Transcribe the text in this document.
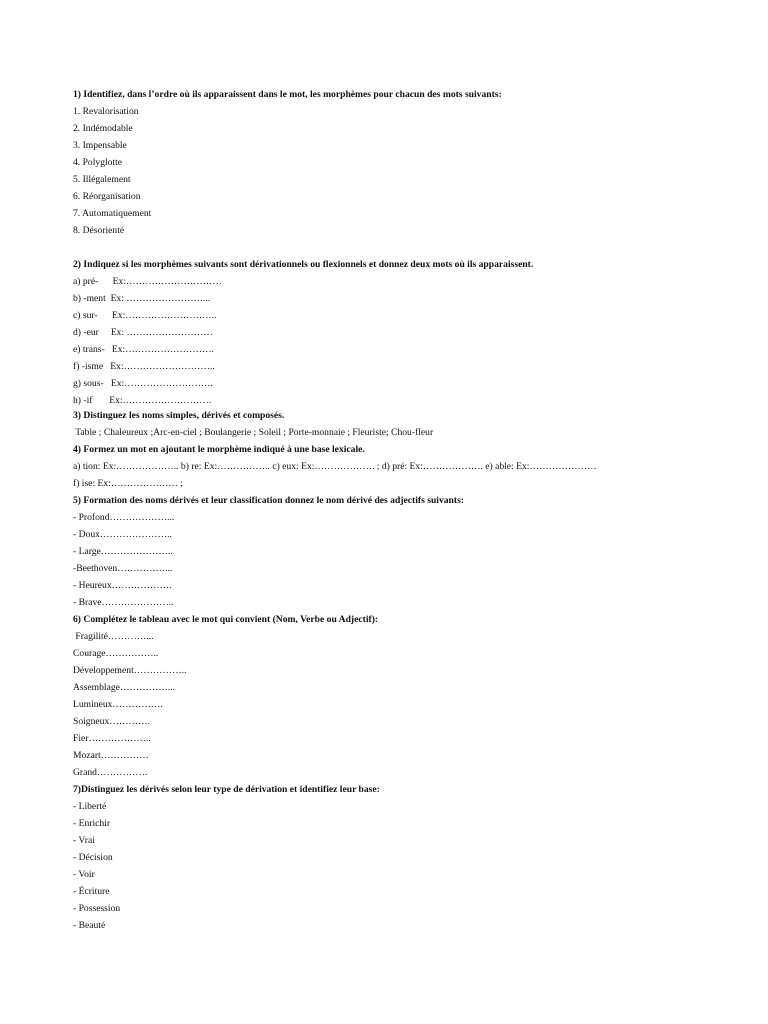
1) Identifiez, dans l’ordre où ils apparaissent dans le mot, les morphèmes pour chacun des mots suivants:
1. Revalorisation
2. Indémodable
3. Impensable
4. Polyglotte
5. Illégalement
6. Réorganisation
7. Automatiquement
8. Désorienté
2) Indiquez si les morphèmes suivants sont dérivationnels ou flexionnels et donnez deux mots où ils apparaissent.
a) pré-      Ex:…………………………
b) -ment  Ex: ……………………...
c) sur-      Ex:………………………..
d) -eur     Ex: ………………………
e) trans-   Ex:……………………….
f) -isme   Ex:………………………..
g) sous-   Ex:……………………….
h) -if       Ex:……………………….
3) Distinguez les noms simples, dérivés et composés.
Table ; Chaleureux ;Arc-en-ciel ; Boulangerie ; Soleil ; Porte-monnaie ; Fleuriste; Chou-fleur
4) Formez un mot en ajoutant le morphème indiqué à une base lexicale.
a) tion: Ex:……………….. b) re: Ex:…………….. c) eux: Ex:………………. ; d) pré: Ex:………………. e) able: Ex:…………………
f) ise: Ex:………………… ;
5) Formation des noms dérivés et leur classification donnez le nom dérivé des adjectifs suivants:
- Profond………………...
- Doux…………………..
- Large…………………..
-Beethoven……………...
- Heureux……………….
- Brave…………………..
6) Complétez le tableau avec le mot qui convient (Nom, Verbe ou Adjectif):
Fragilité…………...
Courage……………..
Développement……………..
Assemblage……………...
Lumineux…………….
Soigneux………….
Fier………………..
Mozart……………
Grand…………….
7)Distinguez les dérivés selon leur type de dérivation et identifiez leur base:
- Liberté
- Enrichir
- Vrai
- Décision
- Voir
- Écriture
- Possession
- Beauté
